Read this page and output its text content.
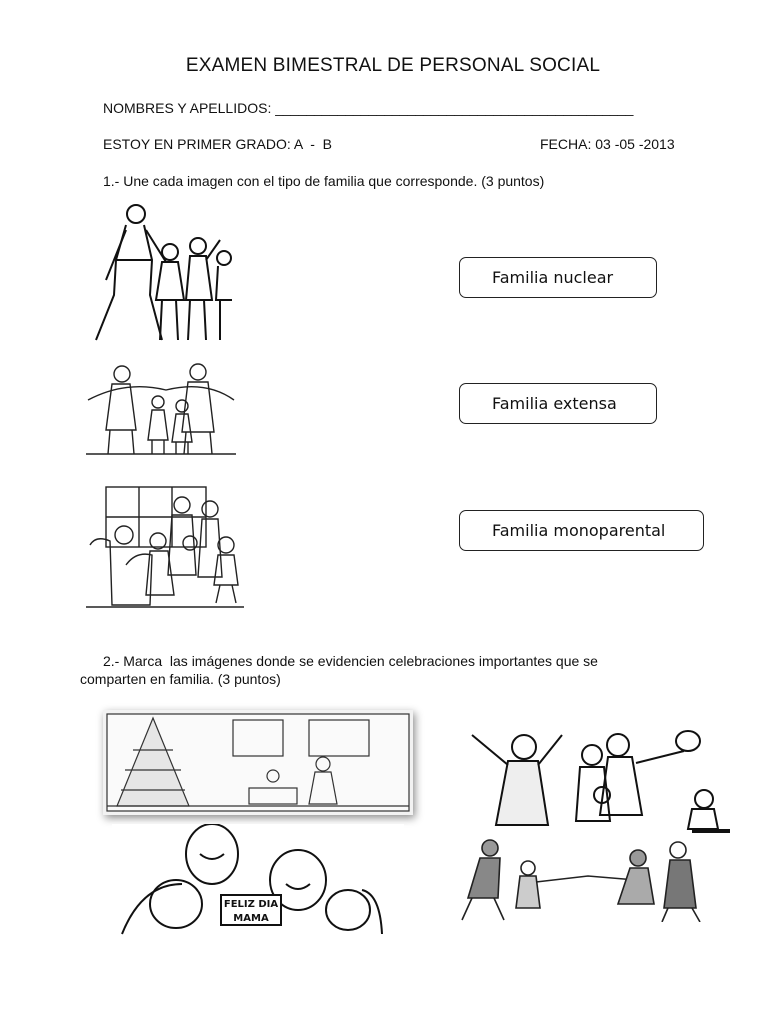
EXAMEN BIMESTRAL DE PERSONAL SOCIAL
NOMBRES Y APELLIDOS: ______________________________________________
ESTOY EN PRIMER GRADO: A  -  B	FECHA: 03 -05 -2013
1.- Une cada imagen con el tipo de familia que corresponde. (3 puntos)
Familia nuclear
Familia extensa
Familia monoparental
2.- Marca  las imágenes donde se evidencien celebraciones importantes que se
comparten en familia. (3 puntos)
FELIZ DIA MAMA
